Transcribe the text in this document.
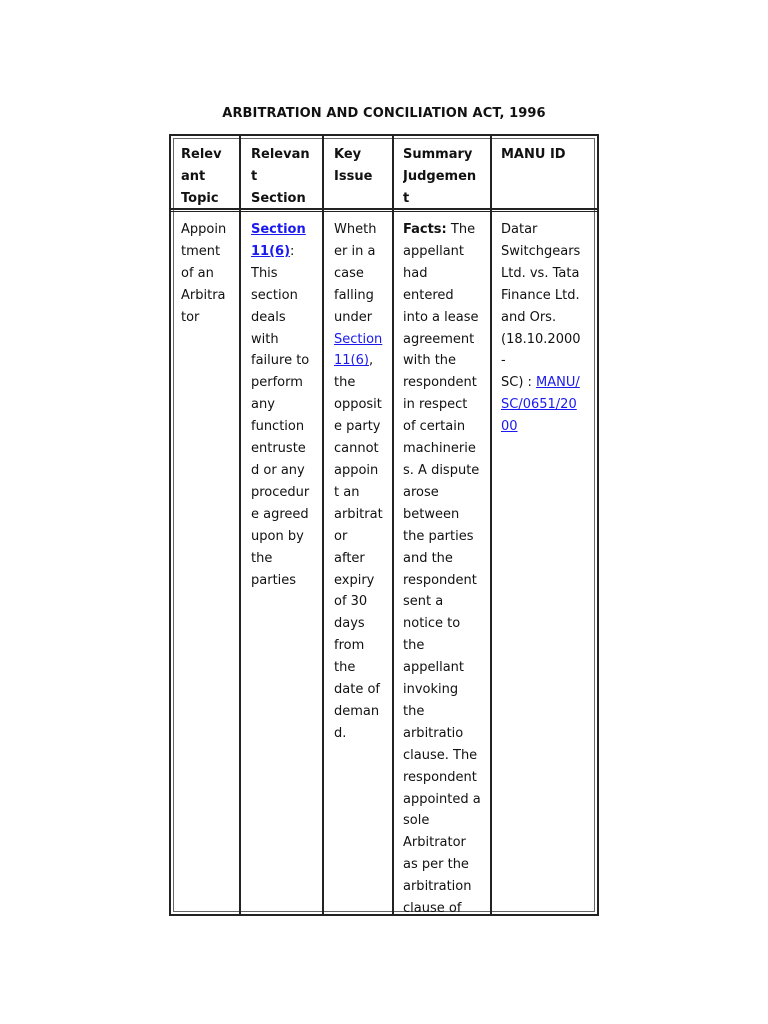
ARBITRATION AND CONCILIATION ACT, 1996
Relev
ant
Topic
Relevan
t
Section
Key
Issue
Summary
Judgemen
t
MANU ID
Appoin
tment
of an
Arbitra
tor
Section
11(6):
This
section
deals
with
failure to
perform
any
function
entruste
d or any
procedur
e agreed
upon by
the
parties
Wheth
er in a
case
falling
under
Section
11(6),
the
opposit
e party
cannot
appoin
t an
arbitrat
or
after
expiry
of 30
days
from
the
date of
deman
d.
Facts: The
appellant
had
entered
into a lease
agreement
with the
respondent
in respect
of certain
machinerie
s. A dispute
arose
between
the parties
and the
respondent
sent a
notice to
the
appellant
invoking
the
arbitratio
clause. The
respondent
appointed a
sole
Arbitrator
as per the
arbitration
clause of
Datar
Switchgears
Ltd. vs. Tata
Finance Ltd.
and Ors.
(18.10.2000
-
SC) : MANU/
SC/0651/20
00
